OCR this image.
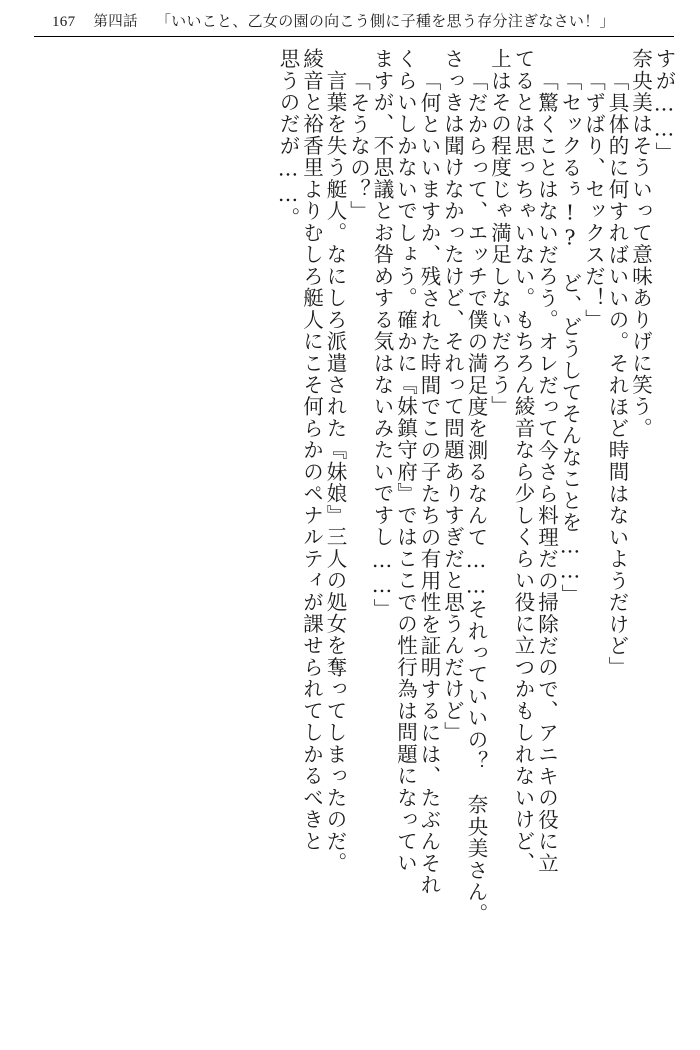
167 第四話 「いいこと、乙女の園の向こう側に子種を思う存分注ぎなさい！」
すが……」
奈央美はそういって意味ありげに笑う。
「具体的に何すればいいの。それほど時間はないようだけど」
「ずばり、セックスだ！」
「セックるぅ!?　ど、どうしてそんなことを……」
「驚くことはないだろう。オレだって今さら料理だの掃除だので、アニキの役に立
てるとは思っちゃいない。もちろん綾音なら少しくらい役に立つかもしれないけど、
上はその程度じゃ満足しないだろう」
「だからって、エッチで僕の満足度を測るなんて……それっていいの？　奈央美さん。
さっきは聞けなかったけど、それって問題ありすぎだと思うんだけど」
「何といいますか、残された時間でこの子たちの有用性を証明するには、たぶんそれ
くらいしかないでしょう。確かに『妹鎮守府』ではここでの性行為は問題になってい
ますが、不思議とお咎めする気はないみたいですし……」
「そうなの？」
　言葉を失う艇人。なにしろ派遣された『妹娘』三人の処女を奪ってしまったのだ。
綾音と裕香里よりむしろ艇人にこそ何らかのペナルティが課せられてしかるべきと
思うのだが……。
